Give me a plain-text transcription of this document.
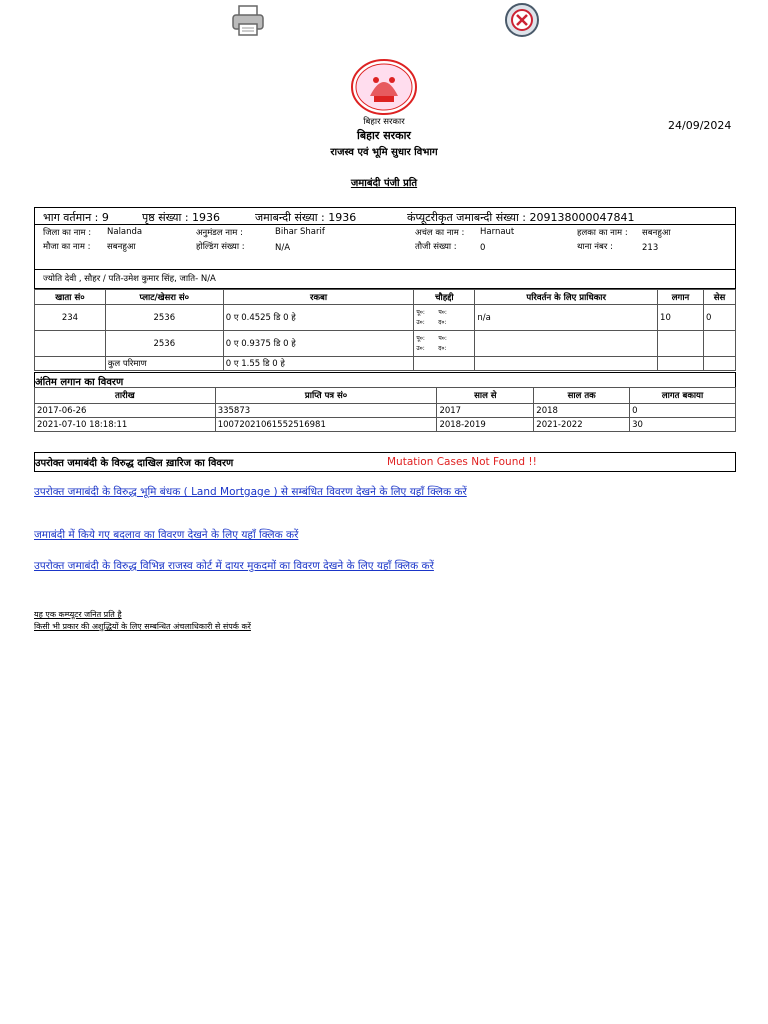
बिहार सरकार
बिहार सरकार
राजस्व एवं भूमि सुधार विभाग
24/09/2024
जमाबंदी पंजी प्रति
भाग वर्तमान : 9	पृष्ठ संख्या : 1936	जमाबन्दी संख्या : 1936	कंप्यूटरीकृत जमाबन्दी संख्या : 209138000047841
जिला का नाम : Nalanda	अनुमंडल नाम :	Bihar Sharif	अचंल का नाम : Harnaut	हलका का नाम : सबनहुआ
मौजा का नाम : सबनहुआ	होल्डिंग संख्या :	N/A	तौजी संख्या :	0	थाना नंबर :	213
ज्योति देवी , सौहर / पति-उमेश कुमार सिंह, जाति- N/A
खाता सं०	प्लाट/खेसरा सं०	रकबा	चौहद्दी	परिवर्तन के लिए प्राधिकार	लगान	सेस
234	2536	0 ए 0.4525 डि 0 हे	पू०: प०:
उ०: द०:	n/a	10	0
	2536	0 ए 0.9375 डि 0 हे	पू०: प०:
उ०: द०:			
	कुल परिमाण	0 ए 1.55 डि 0 हे				
अंतिम लगान का विवरण
तारीख	प्राप्ति पत्र सं०	साल से	साल तक	लागत बकाया
2017-06-26	335873	2017	2018	0
2021-07-10 18:18:11	10072021061552516981	2018-2019	2021-2022	30
उपरोक्त जमाबंदी के विरुद्ध दाखिल ख़ारिज का विवरण	Mutation Cases Not Found !!
उपरोक्त जमाबंदी के विरुद्ध भूमि बंधक ( Land Mortgage ) से सम्बंधित विवरण देखने के लिए यहाँ क्लिक करें
जमाबंदी में किये गए बदलाव का विवरण देखने के लिए यहाँ क्लिक करें
उपरोक्त जमाबंदी के विरुद्ध विभिन्न राजस्व कोर्ट में दायर मुकदमों का विवरण देखने के लिए यहाँ क्लिक करें
यह एक कम्प्यूटर जनित प्रति है
किसी भी प्रकार की अशुद्धियों के लिए सम्बन्धित अंचलाधिकारी से संपर्क करें
